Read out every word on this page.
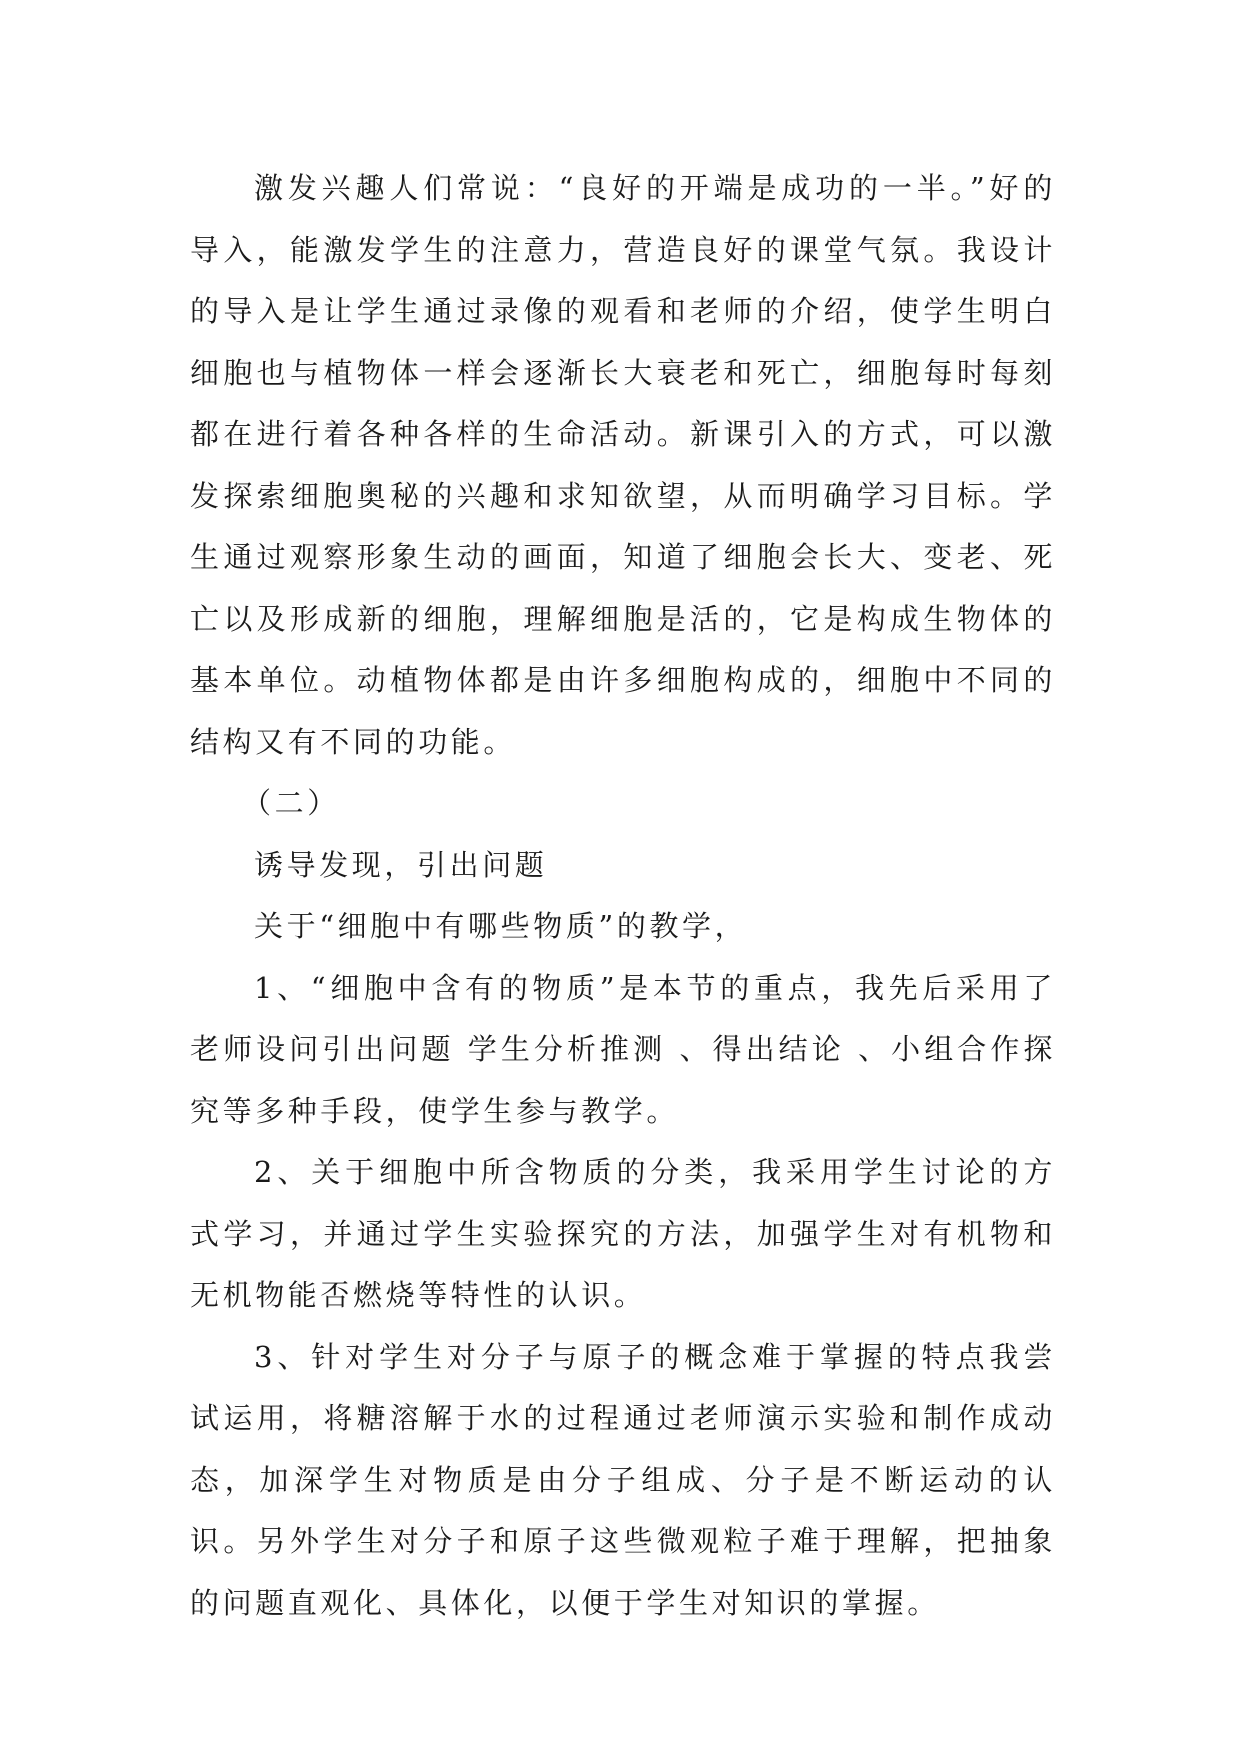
激发兴趣人们常说：“良好的开端是成功的一半。”好的导入，能激发学生的注意力，营造良好的课堂气氛。我设计的导入是让学生通过录像的观看和老师的介绍，使学生明白细胞也与植物体一样会逐渐长大衰老和死亡，细胞每时每刻都在进行着各种各样的生命活动。新课引入的方式，可以激发探索细胞奥秘的兴趣和求知欲望，从而明确学习目标。学生通过观察形象生动的画面，知道了细胞会长大、变老、死亡以及形成新的细胞，理解细胞是活的，它是构成生物体的基本单位。动植物体都是由许多细胞构成的，细胞中不同的结构又有不同的功能。

（二）

诱导发现，引出问题

关于“细胞中有哪些物质”的教学，

1、“细胞中含有的物质”是本节的重点，我先后采用了老师设问引出问题 学生分析推测 、得出结论 、小组合作探究等多种手段，使学生参与教学。

2、关于细胞中所含物质的分类，我采用学生讨论的方式学习，并通过学生实验探究的方法，加强学生对有机物和无机物能否燃烧等特性的认识。

3、针对学生对分子与原子的概念难于掌握的特点我尝试运用，将糖溶解于水的过程通过老师演示实验和制作成动态，加深学生对物质是由分子组成、分子是不断运动的认识。另外学生对分子和原子这些微观粒子难于理解，把抽象的问题直观化、具体化，以便于学生对知识的掌握。
